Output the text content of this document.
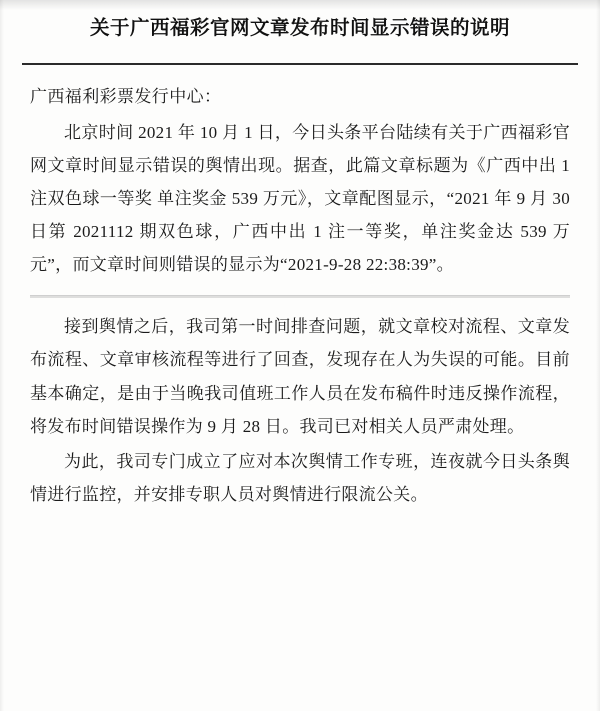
关于广西福彩官网文章发布时间显示错误的说明
广西福利彩票发行中心：

北京时间 2021 年 10 月 1 日，今日头条平台陆续有关于广西福彩官网文章时间显示错误的舆情出现。据查，此篇文章标题为《广西中出 1 注双色球一等奖 单注奖金 539 万元》，文章配图显示，“2021 年 9 月 30 日第 2021112 期双色球，广西中出 1 注一等奖，单注奖金达 539 万元”，而文章时间则错误的显示为“2021-9-28 22:38:39”。

接到舆情之后，我司第一时间排查问题，就文章校对流程、文章发布流程、文章审核流程等进行了回查，发现存在人为失误的可能。目前基本确定，是由于当晚我司值班工作人员在发布稿件时违反操作流程，将发布时间错误操作为 9 月 28 日。我司已对相关人员严肃处理。

为此，我司专门成立了应对本次舆情工作专班，连夜就今日头条舆情进行监控，并安排专职人员对舆情进行限流公关。
